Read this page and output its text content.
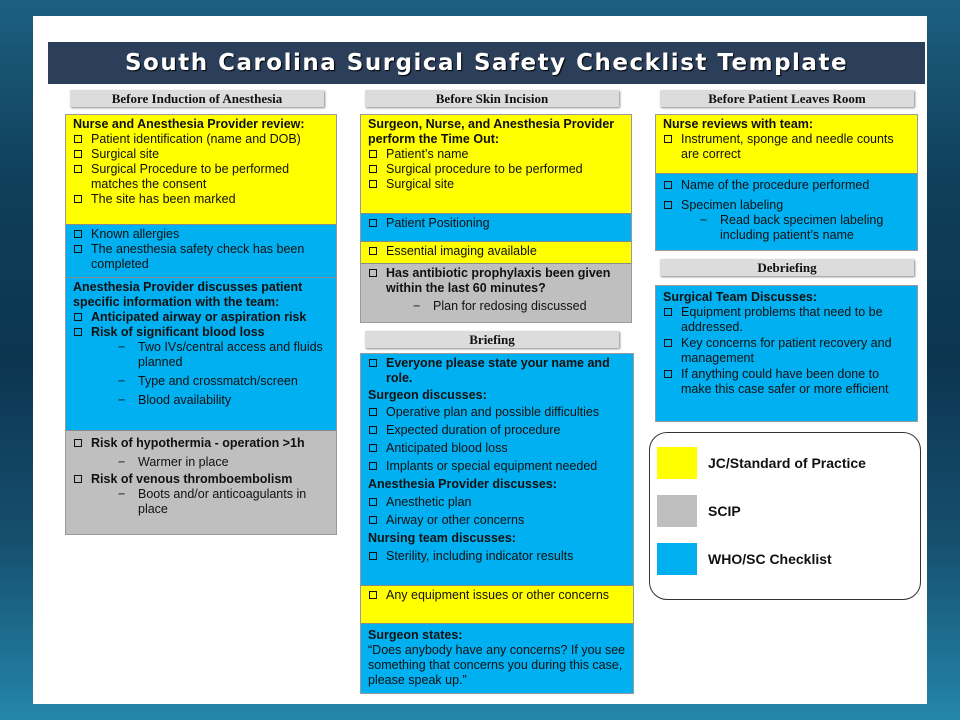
South Carolina Surgical Safety Checklist Template
Before Induction of Anesthesia
Nurse and Anesthesia Provider review:
Patient identification (name and DOB)
Surgical site
Surgical Procedure to be performed matches the consent
The site has been marked
Known allergies
The anesthesia safety check has been completed
Anesthesia Provider discusses patient specific information with the team:
Anticipated airway or aspiration risk
Risk of significant blood loss
−	Two IVs/central access and fluids planned
−	Type and crossmatch/screen
−	Blood availability
Risk of hypothermia - operation >1h
−	Warmer in place
Risk of venous thromboembolism
−	Boots and/or anticoagulants in place
Before Skin Incision
Surgeon, Nurse, and Anesthesia Provider perform the Time Out:
Patient’s name
Surgical procedure to be performed
Surgical site
Patient Positioning
Essential imaging available
Has antibiotic prophylaxis been given within the last 60 minutes?
−	Plan for redosing discussed
Briefing
Everyone please state your name and role.
Surgeon discusses:
Operative plan and possible difficulties
Expected duration of procedure
Anticipated blood loss
Implants or special equipment needed
Anesthesia Provider discusses:
Anesthetic plan
Airway or other concerns
Nursing team discusses:
Sterility, including indicator results
Any equipment issues or other concerns
Surgeon states:
“Does anybody have any concerns? If you see something that concerns you during this case, please speak up.”
Before Patient Leaves Room
Nurse reviews with team:
Instrument, sponge and needle counts are correct
Name of the procedure performed
Specimen labeling
−	Read back specimen labeling including patient’s name
Debriefing
Surgical Team Discusses:
Equipment problems that need to be addressed.
Key concerns for patient recovery and management
If anything could have been done to make this case safer or more efficient
JC/Standard of Practice
SCIP
WHO/SC Checklist
